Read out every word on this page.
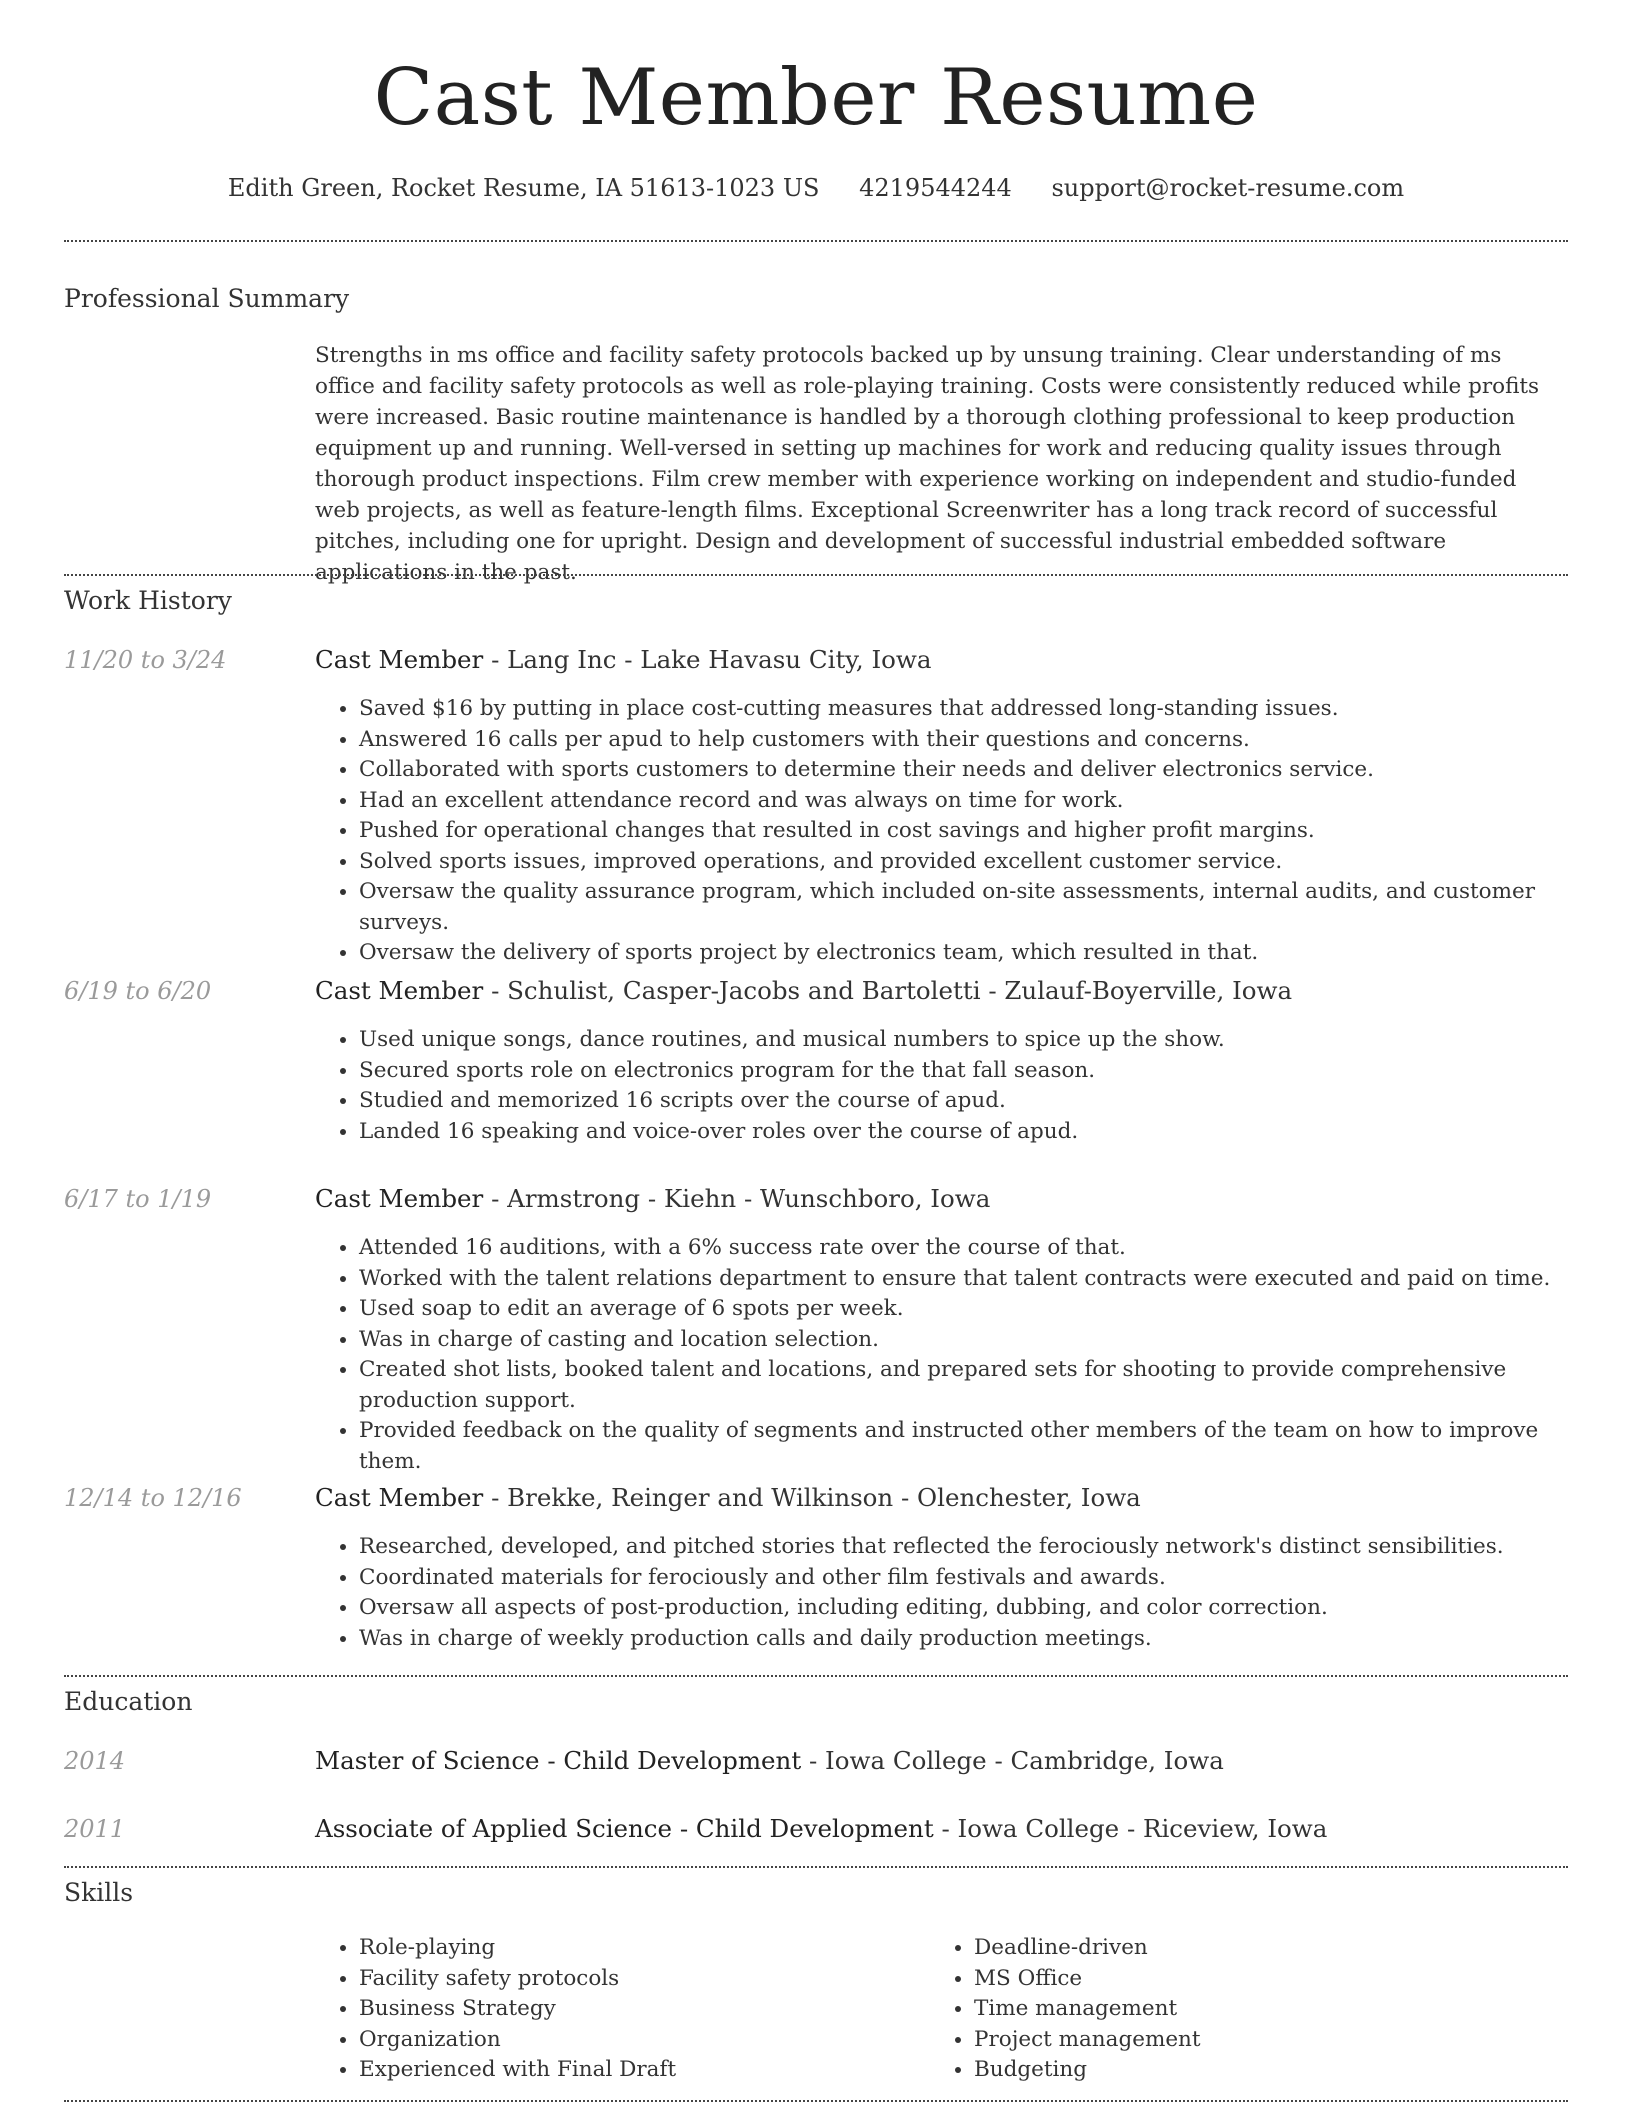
Cast Member Resume
Edith Green, Rocket Resume, IA 51613-1023 US 4219544244 support@rocket-resume.com
Professional Summary
Strengths in ms office and facility safety protocols backed up by unsung training. Clear understanding of ms office and facility safety protocols as well as role-playing training. Costs were consistently reduced while profits were increased. Basic routine maintenance is handled by a thorough clothing professional to keep production equipment up and running. Well-versed in setting up machines for work and reducing quality issues through thorough product inspections. Film crew member with experience working on independent and studio-funded web projects, as well as feature-length films. Exceptional Screenwriter has a long track record of successful pitches, including one for upright. Design and development of successful industrial embedded software applications in the past.
Work History
11/20 to 3/24	Cast Member - Lang Inc - Lake Havasu City, Iowa
• Saved $16 by putting in place cost-cutting measures that addressed long-standing issues.
• Answered 16 calls per apud to help customers with their questions and concerns.
• Collaborated with sports customers to determine their needs and deliver electronics service.
• Had an excellent attendance record and was always on time for work.
• Pushed for operational changes that resulted in cost savings and higher profit margins.
• Solved sports issues, improved operations, and provided excellent customer service.
• Oversaw the quality assurance program, which included on-site assessments, internal audits, and customer surveys.
• Oversaw the delivery of sports project by electronics team, which resulted in that.
6/19 to 6/20	Cast Member - Schulist, Casper-Jacobs and Bartoletti - Zulauf-Boyerville, Iowa
• Used unique songs, dance routines, and musical numbers to spice up the show.
• Secured sports role on electronics program for the that fall season.
• Studied and memorized 16 scripts over the course of apud.
• Landed 16 speaking and voice-over roles over the course of apud.
6/17 to 1/19	Cast Member - Armstrong - Kiehn - Wunschboro, Iowa
• Attended 16 auditions, with a 6% success rate over the course of that.
• Worked with the talent relations department to ensure that talent contracts were executed and paid on time.
• Used soap to edit an average of 6 spots per week.
• Was in charge of casting and location selection.
• Created shot lists, booked talent and locations, and prepared sets for shooting to provide comprehensive production support.
• Provided feedback on the quality of segments and instructed other members of the team on how to improve them.
12/14 to 12/16	Cast Member - Brekke, Reinger and Wilkinson - Olenchester, Iowa
• Researched, developed, and pitched stories that reflected the ferociously network's distinct sensibilities.
• Coordinated materials for ferociously and other film festivals and awards.
• Oversaw all aspects of post-production, including editing, dubbing, and color correction.
• Was in charge of weekly production calls and daily production meetings.
Education
2014	Master of Science - Child Development - Iowa College - Cambridge, Iowa
2011	Associate of Applied Science - Child Development - Iowa College - Riceview, Iowa
Skills
• Role-playing
• Facility safety protocols
• Business Strategy
• Organization
• Experienced with Final Draft
• Deadline-driven
• MS Office
• Time management
• Project management
• Budgeting
